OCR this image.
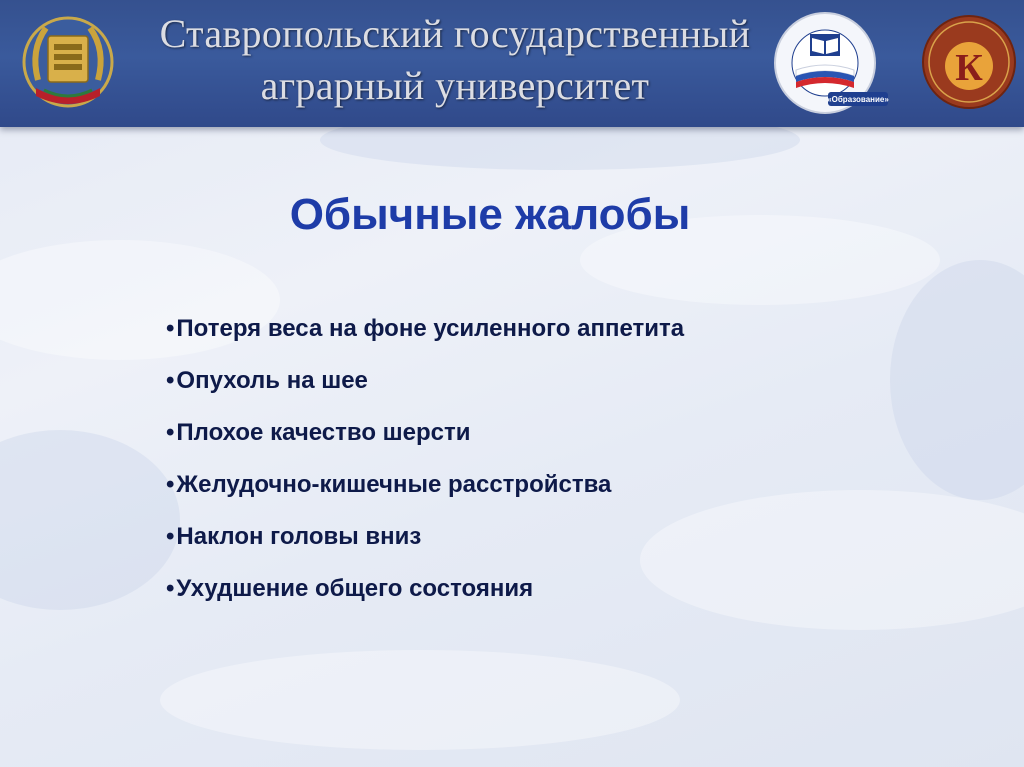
Ставропольский государственный
аграрный университет	«Образование»
К
Обычные жалобы
•Потеря веса на фоне усиленного аппетита
•Опухоль на шее
•Плохое качество шерсти
•Желудочно-кишечные расстройства
•Наклон головы вниз
•Ухудшение общего состояния
